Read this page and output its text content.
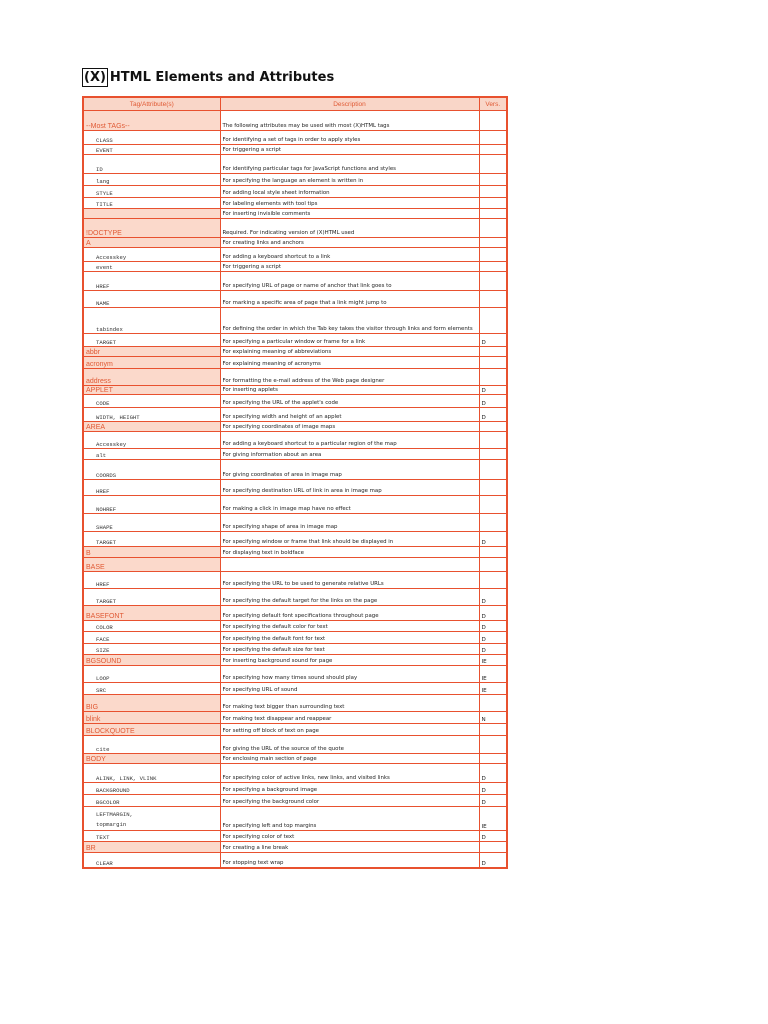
(X) HTML Elements and Attributes
Tag/Attribute(s)	Description	Vers.
--Most TAGs--	The following attributes may be used with most (X)HTML tags	
CLASS	For identifying a set of tags in order to apply styles	
EVENT	For triggering a script	
ID	For identifying particular tags for JavaScript functions and styles	
lang	For specifying the language an element is written in	
STYLE	For adding local style sheet information	
TITLE	For labeling elements with tool tips	
	For inserting invisible comments	
!DOCTYPE	Required. For indicating version of (X)HTML used	
A	For creating links and anchors	
Accesskey	For adding a keyboard shortcut to a link	
event	For triggering a script	
HREF	For specifying URL of page or name of anchor that link goes to	
NAME	For marking a specific area of page that a link might jump to	
tabindex	For defining the order in which the Tab key takes the visitor through links and form elements	
TARGET	For specifying a particular window or frame for a link	D
abbr	For explaining meaning of abbreviations	
acronym	For explaining meaning of acronyms	
address	For formatting the e-mail address of the Web page designer	
APPLET	For inserting applets	D
CODE	For specifying the URL of the applet's code	D
WIDTH, HEIGHT	For specifying width and height of an applet	D
AREA	For specifying coordinates of image maps	
Accesskey	For adding a keyboard shortcut to a particular region of the map	
alt	For giving information about an area	
COORDS	For giving coordinates of area in image map	
HREF	For specifying destination URL of link in area in image map	
NOHREF	For making a click in image map have no effect	
SHAPE	For specifying shape of area in image map	
TARGET	For specifying window or frame that link should be displayed in	D
B	For displaying text in boldface	
BASE		
HREF	For specifying the URL to be used to generate relative URLs	
TARGET	For specifying the default target for the links on the page	D
BASEFONT	For specifying default font specifications throughout page	D
COLOR	For specifying the default color for text	D
FACE	For specifying the default font for text	D
SIZE	For specifying the default size for text	D
BGSOUND	For inserting background sound for page	IE
LOOP	For specifying how many times sound should play	IE
SRC	For specifying URL of sound	IE
BIG	For making text bigger than surrounding text	
blink	For making text disappear and reappear	N
BLOCKQUOTE	For setting off block of text on page	
cite	For giving the URL of the source of the quote	
BODY	For enclosing main section of page	
ALINK, LINK, VLINK	For specifying color of active links, new links, and visited links	D
BACKGROUND	For specifying a background image	D
BGCOLOR	For specifying the background color	D
LEFTMARGIN,
topmargin	For specifying left and top margins	IE
TEXT	For specifying color of text	D
BR	For creating a line break	
CLEAR	For stopping text wrap	D
